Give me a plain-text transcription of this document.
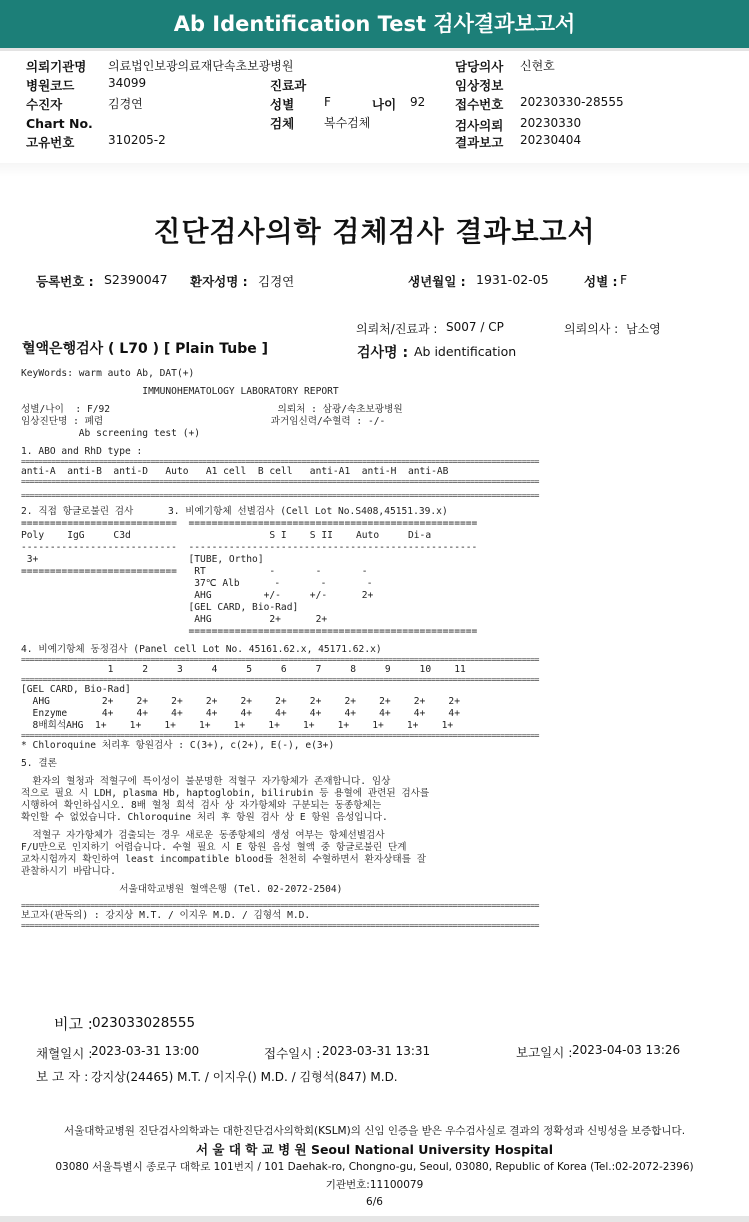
Ab Identification Test 검사결과보고서
의뢰기관명 의료법인보광의료재단속초보광병원
병원코드	34099
수진자	김경연
Chart No.
고유번호	310205-2
진료과
성별 F	나이 92
검체 복수검체
담당의사 신현호
임상정보
접수번호 20230330-28555
검사의뢰 20230330
결과보고 20230404
진단검사의학 검체검사 결과보고서
등록번호 : S2390047 환자성명 : 김경연	생년월일 : 1931-02-05	성별 : F
의뢰처/진료과 : S007 / CP	의뢰의사 : 남소영
혈액은행검사 ( L70 ) [ Plain Tube ]	검사명 : Ab identification
KeyWords: warm auto Ab, DAT(+)

IMMUNOHEMATOLOGY LABORATORY REPORT

성별/나이  : F/92                             의뢰처 : 삼광/속초보광병원
임상진단명 : 폐렴                             과거임신력/수혈력 : -/-
Ab screening test (+)

1. ABO and RhD type :
========================================================================================================================
anti-A  anti-B  anti-D   Auto   A1 cell  B cell   anti-A1  anti-H  anti-AB
========================================================================================================================

========================================================================================================================

2. 직접 항글로불린 검사      3. 비예기항체 선별검사 (Cell Lot No.S408,45151.39.x)
===========================  ==================================================
Poly    IgG     C3d                        S I    S II    Auto     Di-a
---------------------------  --------------------------------------------------
3+                          [TUBE, Ortho]
===========================   RT           -       -       -
37℃ Alb      -       -       -
AHG         +/-     +/-      2+
[GEL CARD, Bio-Rad]
AHG          2+      2+
==================================================

4. 비예기항체 동정검사 (Panel cell Lot No. 45161.62.x, 45171.62.x)
========================================================================================================================
1     2     3     4     5     6     7     8     9     10    11
========================================================================================================================
[GEL CARD, Bio-Rad]
AHG         2+    2+    2+    2+    2+    2+    2+    2+    2+    2+    2+
Enzyme      4+    4+    4+    4+    4+    4+    4+    4+    4+    4+    4+
8배희석AHG  1+    1+    1+    1+    1+    1+    1+    1+    1+    1+    1+
========================================================================================================================
* Chloroquine 처리후 항원검사 : C(3+), c(2+), E(-), e(3+)

5. 결론

환자의 혈청과 적혈구에 특이성이 불분명한 적혈구 자가항체가 존재합니다. 임상
적으로 필요 시 LDH, plasma Hb, haptoglobin, bilirubin 등 용혈에 관련된 검사를
시행하여 확인하십시오. 8배 혈청 희석 검사 상 자가항체와 구분되는 동종항체는
확인할 수 없었습니다. Chloroquine 처리 후 항원 검사 상 E 항원 음성입니다.

적혈구 자가항체가 검출되는 경우 새로운 동종항체의 생성 여부는 항체선별검사
F/U만으로 인지하기 어렵습니다. 수혈 필요 시 E 항원 음성 혈액 중 항글로불린 단계
교차시험까지 확인하여 least incompatible blood를 천천히 수혈하면서 환자상태를 잘
관찰하시기 바랍니다.

서울대학교병원 혈액은행 (Tel. 02-2072-2504)

========================================================================================================================
보고자(판독의) : 강지상 M.T. / 이지우 M.D. / 김형석 M.D.
========================================================================================================================
비고 : 023033028555
채혈일시 :
2023-03-31 13:00	접수일시 : 2023-03-31 13:31	보고일시 : 2023-04-03 13:26
보 고 자 : 강지상(24465) M.T. / 이지우() M.D. / 김형석(847) M.D.
서울대학교병원 진단검사의학과는 대한진단검사의학회(KSLM)의 신임 인증을 받은 우수검사실로 결과의 정확성과 신빙성을 보증합니다.
서 울 대 학 교 병 원 Seoul National University Hospital
03080 서울특별시 종로구 대학로 101번지 / 101 Daehak-ro, Chongno-gu, Seoul, 03080, Republic of Korea (Tel.:02-2072-2396)
기관번호:11100079
6/6
